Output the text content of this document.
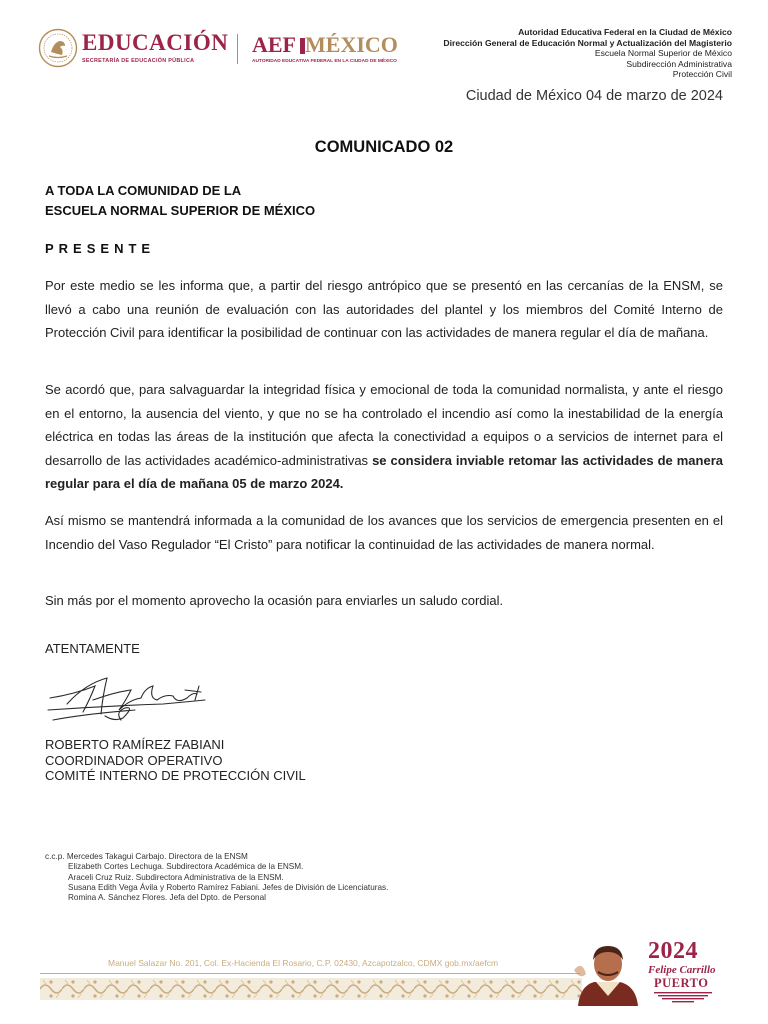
EDUCACIÓN
SECRETARÍA DE EDUCACIÓN PÚBLICA
AEF MÉXICO
AUTORIDAD EDUCATIVA FEDERAL EN LA CIUDAD DE MÉXICO
Autoridad Educativa Federal en la Ciudad de México
Dirección General de Educación Normal y Actualización del Magisterio
Escuela Normal Superior de México
Subdirección Administrativa
Protección Civil
Ciudad de México 04 de marzo de 2024
COMUNICADO 02
A TODA LA COMUNIDAD DE LA
ESCUELA NORMAL SUPERIOR DE MÉXICO
PRESENTE
Por este medio se les informa que, a partir del riesgo antrópico que se presentó en las cercanías de la ENSM, se llevó a cabo una reunión de evaluación con las autoridades del plantel y los miembros del Comité Interno de Protección Civil para identificar la posibilidad de continuar con las actividades de manera regular el día de mañana.
Se acordó que, para salvaguardar la integridad física y emocional de toda la comunidad normalista, y ante el riesgo en el entorno, la ausencia del viento, y que no se ha controlado el incendio así como la inestabilidad de la energía eléctrica en todas las áreas de la institución que afecta la conectividad a equipos o a servicios de internet para el desarrollo de las actividades académico-administrativas se considera inviable retomar las actividades de manera regular para el día de mañana 05 de marzo 2024.
Así mismo se mantendrá informada a la comunidad de los avances que los servicios de emergencia presenten en el Incendio del Vaso Regulador “El Cristo” para notificar la continuidad de las actividades de manera normal.
Sin más por el momento aprovecho la ocasión para enviarles un saludo cordial.
ATENTAMENTE
ROBERTO RAMÍREZ FABIANI
COORDINADOR OPERATIVO
COMITÉ INTERNO DE PROTECCIÓN CIVIL
c.c.p. Mercedes Takagui Carbajo. Directora de la ENSM
Elizabeth Cortes Lechuga. Subdirectora Académica de la ENSM.
Araceli Cruz Ruiz. Subdirectora Administrativa de la ENSM.
Susana Edith Vega Ávila y Roberto Ramírez Fabiani. Jefes de División de Licenciaturas.
Romina A. Sánchez Flores. Jefa del Dpto. de Personal
Manuel Salazar No. 201, Col. Ex-Hacienda El Rosario, C.P. 02430, Azcapotzalco, CDMX gob.mx/aefcm	2024
Felipe Carrillo
PUERTO
